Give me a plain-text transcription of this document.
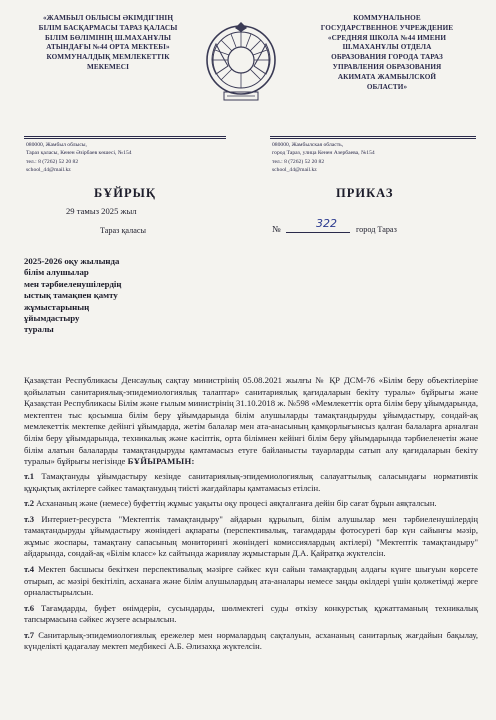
«ЖАМБЫЛ ОБЛЫСЫ ӘКІМДІГІНІҢ
БІЛІМ БАСҚАРМАСЫ ТАРАЗ ҚАЛАСЫ
БІЛІМ БӨЛІМІНІҢ Ш.МАХАНҰЛЫ
АТЫНДАҒЫ №44 ОРТА МЕКТЕБІ»
КОММУНАЛДЫҚ МЕМЛЕКЕТТІК
МЕКЕМЕСІ
КОММУНАЛЬНОЕ
ГОСУДАРСТВЕННОЕ УЧРЕЖДЕНИЕ
«СРЕДНЯЯ ШКОЛА №44 ИМЕНИ
Ш.МАХАНҰЛЫ ОТДЕЛА
ОБРАЗОВАНИЯ ГОРОДА ТАРАЗ
УПРАВЛЕНИЯ ОБРАЗОВАНИЯ
АКИМАТА ЖАМБЫЛСКОЙ
ОБЛАСТИ»
080000, Жамбыл облысы,
Тараз қаласы, Кенен Әзірбаев көшесі, №154
тел.: 8 (7262) 52 20 82
school_44@mail.kz
080000, Жамбылская область,
город Тараз, улица Кенен Азербаева, №154
тел.: 8 (7262) 52 20 82
school_44@mail.kz
БҰЙРЫҚ	ПРИКАЗ
29 тамыз 2025 жыл
№	322
Тараз қаласы	город Тараз
2025-2026 оқу жылында
білім алушылар
мен тәрбиеленушілердің
ыстық тамақпен қамту
жұмыстарының
ұйымдастыру
туралы
Қазақстан Республикасы Денсаулық сақтау министрінің 05.08.2021 жылғы № ҚР ДСМ-76 «Білім беру объектілеріне қойылатын санитариялық-эпидемиологиялық талаптар» санитариялық қағидаларын бекіту туралы» бұйрығы және Қазақстан Республикасы Білім және ғылым министрінің 31.10.2018 ж. №598 «Мемлекеттік орта білім беру ұйымдарында, мектептен тыс қосымша білім беру ұйымдарында білім алушыларды тамақтандыруды ұйымдастыру, сондай-ақ мемлекеттік мектепке дейінгі ұйымдарда, жетім балалар мен ата-анасының қамқорлығынсыз қалған балаларға арналған білім беру ұйымдарында, техникалық және кәсіптік, орта білімнен кейінгі білім беру ұйымдарында тәрбиеленетін және білім алатын балаларды тамақтандыруды қамтамасыз етуге байланысты тауарларды сатып алу қағидаларын бекіту туралы» бұйрығы негізінде БҰЙЫРАМЫН:
т.1 Тамақтануды ұйымдастыру кезінде санитариялық-эпидемиологиялық салауаттылық саласындағы нормативтік құқықтық актілерге сәйкес тамақтанудың тиісті жағдайлары қамтамасыз етілсін.
т.2 Асхананың және (немесе) буфеттің жұмыс уақыты оқу процесі аяқталғанға дейін бір сағат бұрын аяқталсын.
т.3 Интернет-ресурста "Мектептік тамақтандыру" айдарын құрылып, білім алушылар мен тәрбиеленушілердің тамақтандыруды ұйымдастыру жөніндегі ақпараты (перспективалық, тағамдарды фотосуреті бар күн сайынғы мәзір, жұмыс жоспары, тамақтану сапасының мониторингі жөніндегі комиссиялардың актілері) "Мектептік тамақтандыру" айдарында, сондай-ақ «Білім класс» kz сайтында жариялау жұмыстарын Д.А. Қайратқа жүктелсін.
т.4 Мектеп басшысы бекіткен перспективалық мәзірге сәйкес күн сайын тамақтардың алдағы күнге шығуын көрсете отырып, ас мәзірі бекітіліп, асханаға және білім алушылардың ата-аналары немесе заңды өкілдері үшін қолжетімді жерге орналастырылсын.
т.6 Тағамдарды, буфет өнімдерін, сусындарды, шөлмектегі суды өткізу конкурстық құжаттаманың техникалық тапсырмасына сәйкес жүзеге асырылсын.
т.7 Санитарлық-эпидемиологиялық ережелер мен нормалардың сақталуын, асхананың санитарлық жағдайын бақылау, күнделікті қадағалау мектеп медбикесі А.Б. Әлизахқа жүктелсін.
